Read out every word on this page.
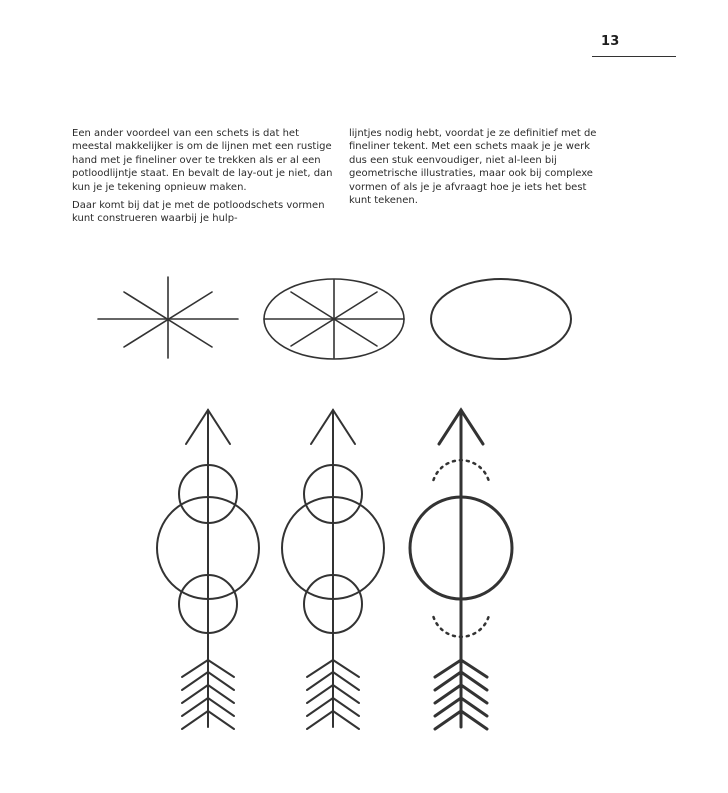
13

Een ander voordeel van een schets is dat het meestal makkelijker is om de lijnen met een rustige hand met je fineliner over te trekken als er al een potloodlijntje staat. En bevalt de lay-out je niet, dan kun je je tekening opnieuw maken.

Daar komt bij dat je met de potloodschets vormen kunt construeren waarbij je hulp-

lijntjes nodig hebt, voordat je ze definitief met de fineliner tekent. Met een schets maak je je werk dus een stuk eenvoudiger, niet al-leen bij geometrische illustraties, maar ook bij complexe vormen of als je je afvraagt hoe je iets het best kunt tekenen.
